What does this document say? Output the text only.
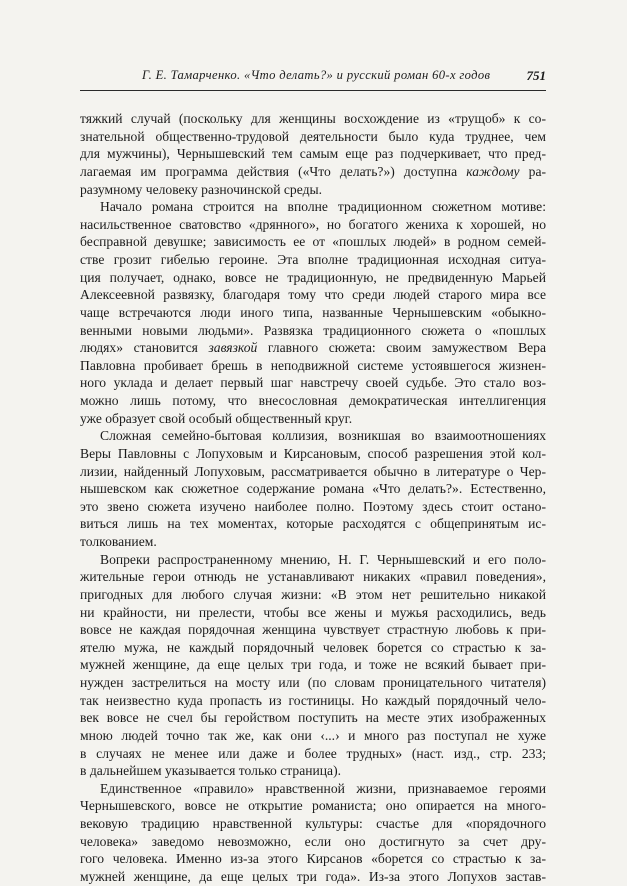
Г. Е. Тамарченко. «Что делать?» и русский роман 60-х годов	751
тяжкий случай (поскольку для женщины восхождение из «трущоб» к со-
знательной общественно-трудовой деятельности было куда труднее, чем
для мужчины), Чернышевский тем самым еще раз подчеркивает, что пред-
лагаемая им программа действия («Что делать?») доступна каждому ра-
разумному человеку разночинской среды.
Начало романа строится на вполне традиционном сюжетном мотиве:
насильственное сватовство «дрянного», но богатого жениха к хорошей, но
бесправной девушке; зависимость ее от «пошлых людей» в родном семей-
стве грозит гибелью героине. Эта вполне традиционная исходная ситуа-
ция получает, однако, вовсе не традиционную, не предвиденную Марьей
Алексеевной развязку, благодаря тому что среди людей старого мира все
чаще встречаются люди иного типа, названные Чернышевским «обыкно-
венными новыми людьми». Развязка традиционного сюжета о «пошлых
людях» становится завязкой главного сюжета: своим замужеством Вера
Павловна пробивает брешь в неподвижной системе устоявшегося жизнен-
ного уклада и делает первый шаг навстречу своей судьбе. Это стало воз-
можно лишь потому, что внесословная демократическая интеллигенция
уже образует свой особый общественный круг.
Сложная семейно-бытовая коллизия, возникшая во взаимоотношениях
Веры Павловны с Лопуховым и Кирсановым, способ разрешения этой кол-
лизии, найденный Лопуховым, рассматривается обычно в литературе о Чер-
нышевском как сюжетное содержание романа «Что делать?». Естественно,
это звено сюжета изучено наиболее полно. Поэтому здесь стоит остано-
виться лишь на тех моментах, которые расходятся с общепринятым ис-
толкованием.
Вопреки распространенному мнению, Н. Г. Чернышевский и его поло-
жительные герои отнюдь не устанавливают никаких «правил поведения»,
пригодных для любого случая жизни: «В этом нет решительно никакой
ни крайности, ни прелести, чтобы все жены и мужья расходились, ведь
вовсе не каждая порядочная женщина чувствует страстную любовь к при-
ятелю мужа, не каждый порядочный человек борется со страстью к за-
мужней женщине, да еще целых три года, и тоже не всякий бывает при-
нужден застрелиться на мосту или (по словам проницательного читателя)
так неизвестно куда пропасть из гостиницы. Но каждый порядочный чело-
век вовсе не счел бы геройством поступить на месте этих изображенных
мною людей точно так же, как они ‹...› и много раз поступал не хуже
в случаях не менее или даже и более трудных» (наст. изд., стр. 233;
в дальнейшем указывается только страница).
Единственное «правило» нравственной жизни, признаваемое героями
Чернышевского, вовсе не открытие романиста; оно опирается на много-
вековую традицию нравственной культуры: счастье для «порядочного
человека» заведомо невозможно, если оно достигнуто за счет дру-
гого человека. Именно из-за этого Кирсанов «борется со страстью к за-
мужней женщине, да еще целых три года». Из-за этого Лопухов застав-
